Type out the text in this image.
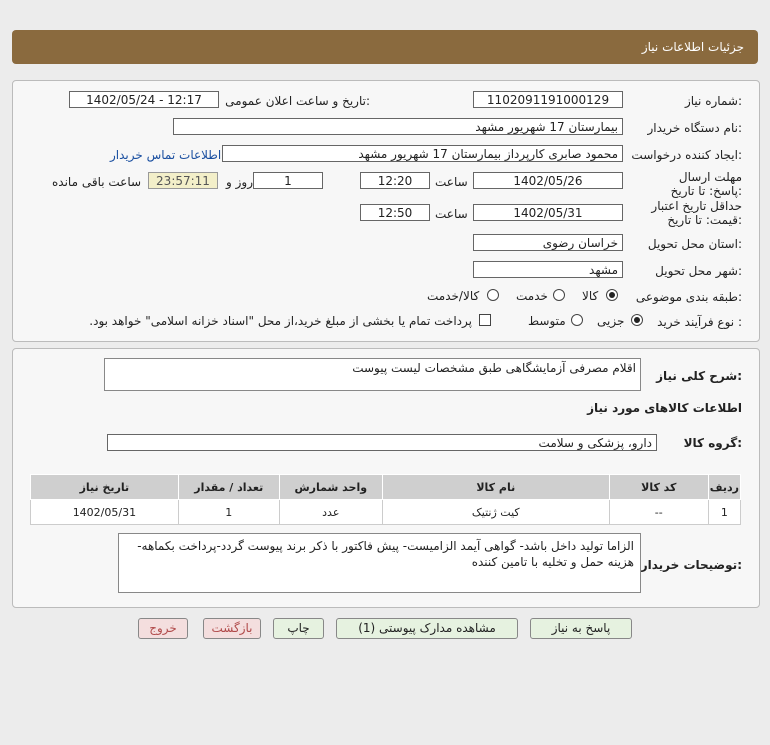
جزئیات اطلاعات نیاز
شماره نیاز:
1102091191000129
تاریخ و ساعت اعلان عمومی:
1402/05/24 - 12:17
نام دستگاه خریدار:
بیمارستان 17 شهریور مشهد
ایجاد کننده درخواست:
محمود صابری کارپرداز بیمارستان 17 شهریور مشهد
اطلاعات تماس خریدار
مهلت ارسال پاسخ: تا تاریخ:
1402/05/26
ساعت
12:20
1
روز و
23:57:11
ساعت باقی مانده
حداقل تاریخ اعتبار قیمت: تا تاریخ:
1402/05/31
ساعت
12:50
استان محل تحویل:
خراسان رضوی
شهر محل تحویل:
مشهد
طبقه بندی موضوعی:
کالا
خدمت
کالا/خدمت
نوع فرآیند خرید :
جزیی
متوسط
پرداخت تمام یا بخشی از مبلغ خرید،از محل "اسناد خزانه اسلامی" خواهد بود.
شرح کلی نیاز:
اقلام مصرفی آزمایشگاهی طبق مشخصات لیست پیوست
اطلاعات کالاهای مورد نیاز
گروه کالا:
دارو، پزشکی و سلامت
ردیف	کد کالا	نام کالا	واحد شمارش	تعداد / مقدار	تاریخ نیاز
1	--	کیت ژنتیک	عدد	1	1402/05/31
توضیحات خریدار:
الزاما تولید داخل باشد- گواهی آیمد الزامیست- پیش فاکتور با ذکر برند پیوست گردد-پرداخت بکماهه- هزینه حمل و تخلیه با تامین کننده
پاسخ به نیاز
مشاهده مدارک پیوستی (1)
چاپ
بازگشت
خروج
